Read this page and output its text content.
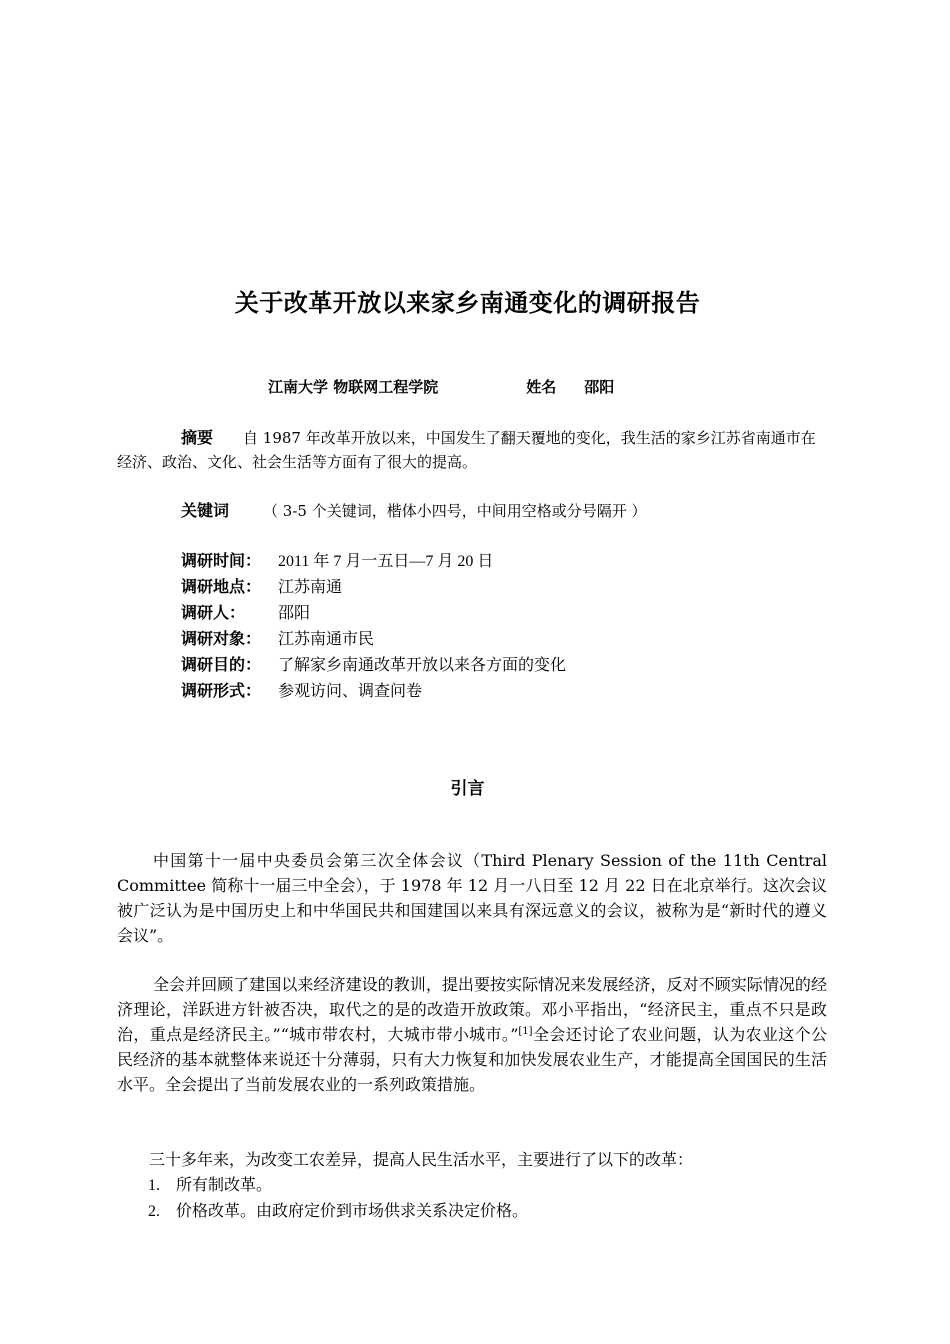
关于改革开放以来家乡南通变化的调研报告
江南大学 物联网工程学院	姓名 邵阳
摘要 自 1987 年改革开放以来，中国发生了翻天覆地的变化，我生活的家乡江苏省南通市在经济、政治、文化、社会生活等方面有了很大的提高。
关键词 （ 3-5 个关键词，楷体小四号，中间用空格或分号隔开 ）
调研时间： 2011 年 7 月一五日—7 月 20 日
调研地点： 江苏南通
调研人： 邵阳
调研对象： 江苏南通市民
调研目的： 了解家乡南通改革开放以来各方面的变化
调研形式： 参观访问、调查问卷
引言
中国第十一届中央委员会第三次全体会议（Third Plenary Session of the 11th Central Committee 简称十一届三中全会），于 1978 年 12 月一八日至 12 月 22 日在北京举行。这次会议被广泛认为是中国历史上和中华国民共和国建国以来具有深远意义的会议，被称为是“新时代的遵义会议”。
全会并回顾了建国以来经济建设的教训，提出要按实际情况来发展经济，反对不顾实际情况的经济理论，洋跃进方针被否决，取代之的是的改造开放政策。邓小平指出，“经济民主，重点不只是政治，重点是经济民主。”“城市带农村，大城市带小城市。”[1]全会还讨论了农业问题，认为农业这个公民经济的基本就整体来说还十分薄弱，只有大力恢复和加快发展农业生产，才能提高全国国民的生活水平。全会提出了当前发展农业的一系列政策措施。
三十多年来，为改变工农差异，提高人民生活水平，主要进行了以下的改革：
1. 所有制改革。
2. 价格改革。由政府定价到市场供求关系决定价格。
